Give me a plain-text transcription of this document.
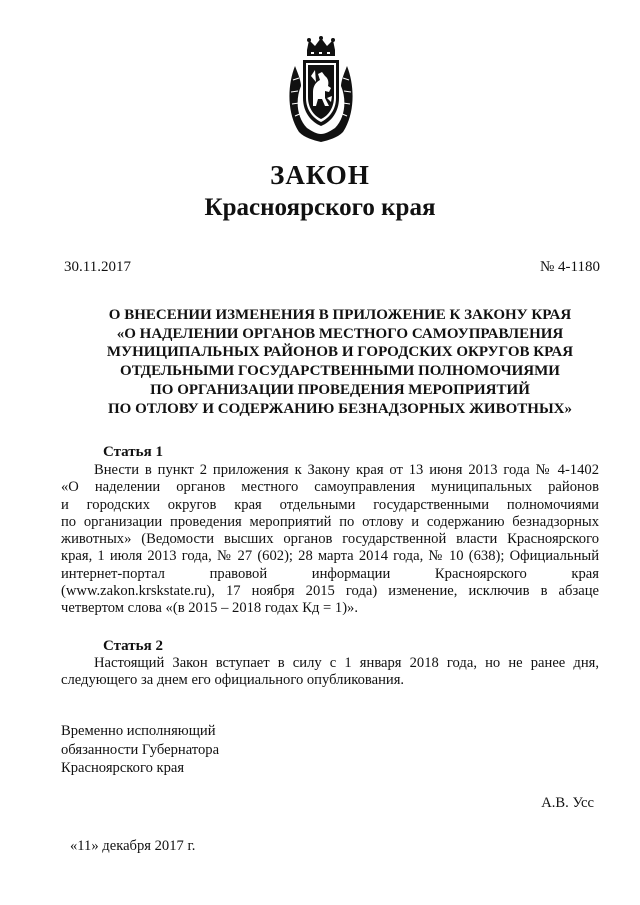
ЗАКОН
Красноярского края
30.11.2017	№ 4-1180
О ВНЕСЕНИИ ИЗМЕНЕНИЯ В ПРИЛОЖЕНИЕ К ЗАКОНУ КРАЯ
«О НАДЕЛЕНИИ ОРГАНОВ МЕСТНОГО САМОУПРАВЛЕНИЯ
МУНИЦИПАЛЬНЫХ РАЙОНОВ И ГОРОДСКИХ ОКРУГОВ КРАЯ
ОТДЕЛЬНЫМИ ГОСУДАРСТВЕННЫМИ ПОЛНОМОЧИЯМИ
ПО ОРГАНИЗАЦИИ ПРОВЕДЕНИЯ МЕРОПРИЯТИЙ
ПО ОТЛОВУ И СОДЕРЖАНИЮ БЕЗНАДЗОРНЫХ ЖИВОТНЫХ»
Статья 1
Внести в пункт 2 приложения к Закону края от 13 июня 2013 года № 4-1402
«О наделении органов местного самоуправления муниципальных районов
и городских округов края отдельными государственными полномочиями
по организации проведения мероприятий по отлову и содержанию безнадзорных
животных» (Ведомости высших органов государственной власти Красноярского
края, 1 июля 2013 года, № 27 (602); 28 марта 2014 года, № 10 (638); Официальный
интернет-портал правовой информации Красноярского края
(www.zakon.krskstate.ru), 17 ноября 2015 года) изменение, исключив в абзаце
четвертом слова «(в 2015 – 2018 годах Кд = 1)».
Статья 2
Настоящий Закон вступает в силу с 1 января 2018 года, но не ранее дня,
следующего за днем его официального опубликования.
Временно исполняющий
обязанности Губернатора
Красноярского края
А.В. Усс
«11» декабря 2017 г.
